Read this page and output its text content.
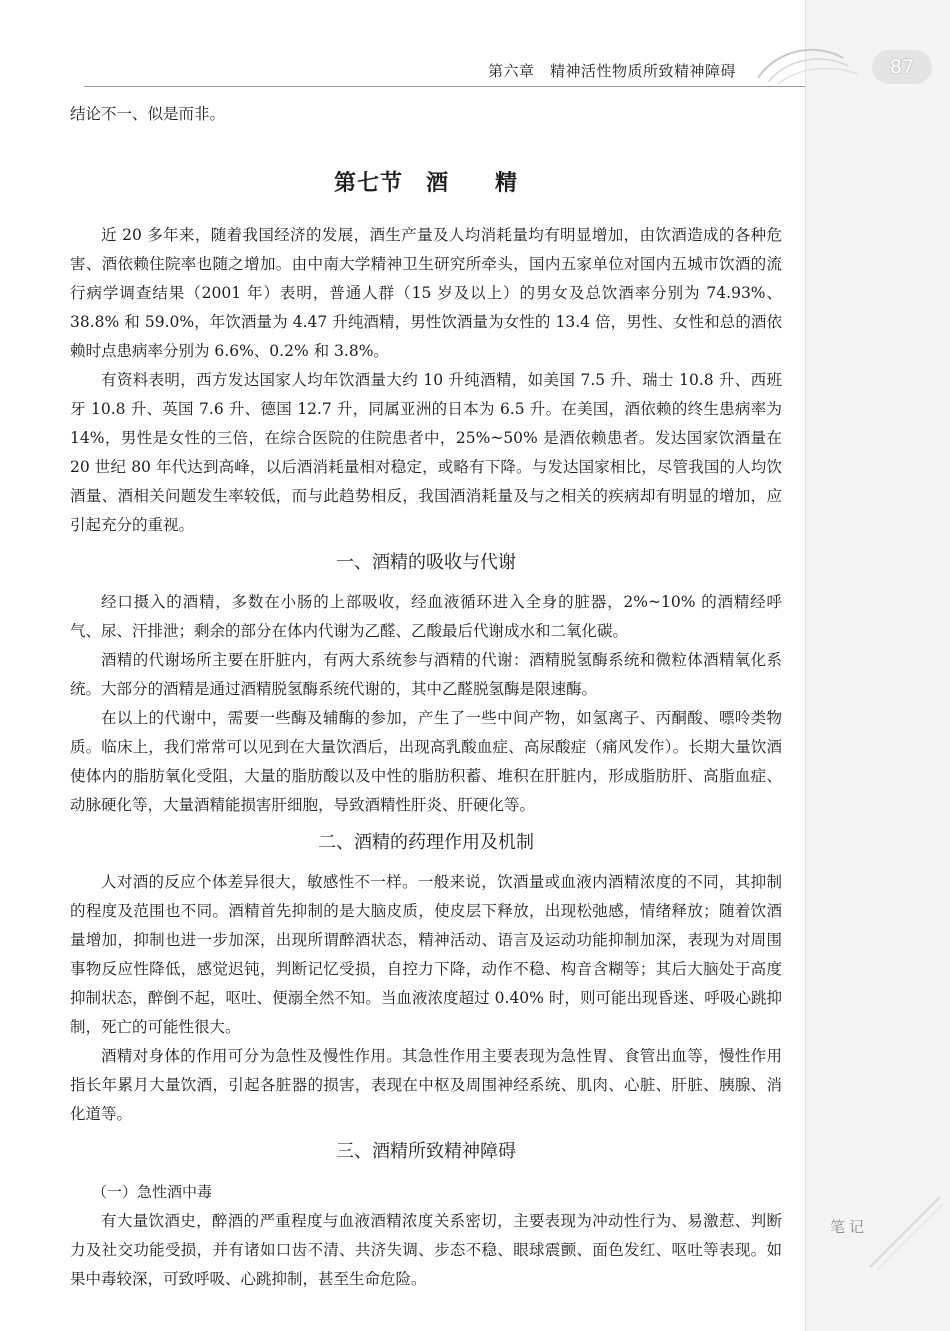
第六章　精神活性物质所致精神障碍	87

结论不一、似是而非。

第七节　酒　　精

近 20 多年来，随着我国经济的发展，酒生产量及人均消耗量均有明显增加，由饮酒造成的各种危害、酒依赖住院率也随之增加。由中南大学精神卫生研究所牵头，国内五家单位对国内五城市饮酒的流行病学调查结果（2001 年）表明，普通人群（15 岁及以上）的男女及总饮酒率分别为 74.93%、38.8% 和 59.0%，年饮酒量为 4.47 升纯酒精，男性饮酒量为女性的 13.4 倍，男性、女性和总的酒依赖时点患病率分别为 6.6%、0.2% 和 3.8%。

有资料表明，西方发达国家人均年饮酒量大约 10 升纯酒精，如美国 7.5 升、瑞士 10.8 升、西班牙 10.8 升、英国 7.6 升、德国 12.7 升，同属亚洲的日本为 6.5 升。在美国，酒依赖的终生患病率为 14%，男性是女性的三倍，在综合医院的住院患者中，25%~50% 是酒依赖患者。发达国家饮酒量在 20 世纪 80 年代达到高峰，以后酒消耗量相对稳定，或略有下降。与发达国家相比，尽管我国的人均饮酒量、酒相关问题发生率较低，而与此趋势相反，我国酒消耗量及与之相关的疾病却有明显的增加，应引起充分的重视。

一、酒精的吸收与代谢

经口摄入的酒精，多数在小肠的上部吸收，经血液循环进入全身的脏器，2%~10% 的酒精经呼气、尿、汗排泄；剩余的部分在体内代谢为乙醛、乙酸最后代谢成水和二氧化碳。

酒精的代谢场所主要在肝脏内，有两大系统参与酒精的代谢：酒精脱氢酶系统和微粒体酒精氧化系统。大部分的酒精是通过酒精脱氢酶系统代谢的，其中乙醛脱氢酶是限速酶。

在以上的代谢中，需要一些酶及辅酶的参加，产生了一些中间产物，如氢离子、丙酮酸、嘌呤类物质。临床上，我们常常可以见到在大量饮酒后，出现高乳酸血症、高尿酸症（痛风发作）。长期大量饮酒使体内的脂肪氧化受阻，大量的脂肪酸以及中性的脂肪积蓄、堆积在肝脏内，形成脂肪肝、高脂血症、动脉硬化等，大量酒精能损害肝细胞，导致酒精性肝炎、肝硬化等。

二、酒精的药理作用及机制

人对酒的反应个体差异很大，敏感性不一样。一般来说，饮酒量或血液内酒精浓度的不同，其抑制的程度及范围也不同。酒精首先抑制的是大脑皮质，使皮层下释放，出现松弛感，情绪释放；随着饮酒量增加，抑制也进一步加深，出现所谓醉酒状态，精神活动、语言及运动功能抑制加深，表现为对周围事物反应性降低，感觉迟钝，判断记忆受损，自控力下降，动作不稳、构音含糊等；其后大脑处于高度抑制状态，醉倒不起，呕吐、便溺全然不知。当血液浓度超过 0.40% 时，则可能出现昏迷、呼吸心跳抑制，死亡的可能性很大。

酒精对身体的作用可分为急性及慢性作用。其急性作用主要表现为急性胃、食管出血等，慢性作用指长年累月大量饮酒，引起各脏器的损害，表现在中枢及周围神经系统、肌肉、心脏、肝脏、胰腺、消化道等。

三、酒精所致精神障碍
（一）急性酒中毒

有大量饮酒史，醉酒的严重程度与血液酒精浓度关系密切，主要表现为冲动性行为、易激惹、判断力及社交功能受损，并有诸如口齿不清、共济失调、步态不稳、眼球震颤、面色发红、呕吐等表现。如果中毒较深，可致呼吸、心跳抑制，甚至生命危险。

笔记
